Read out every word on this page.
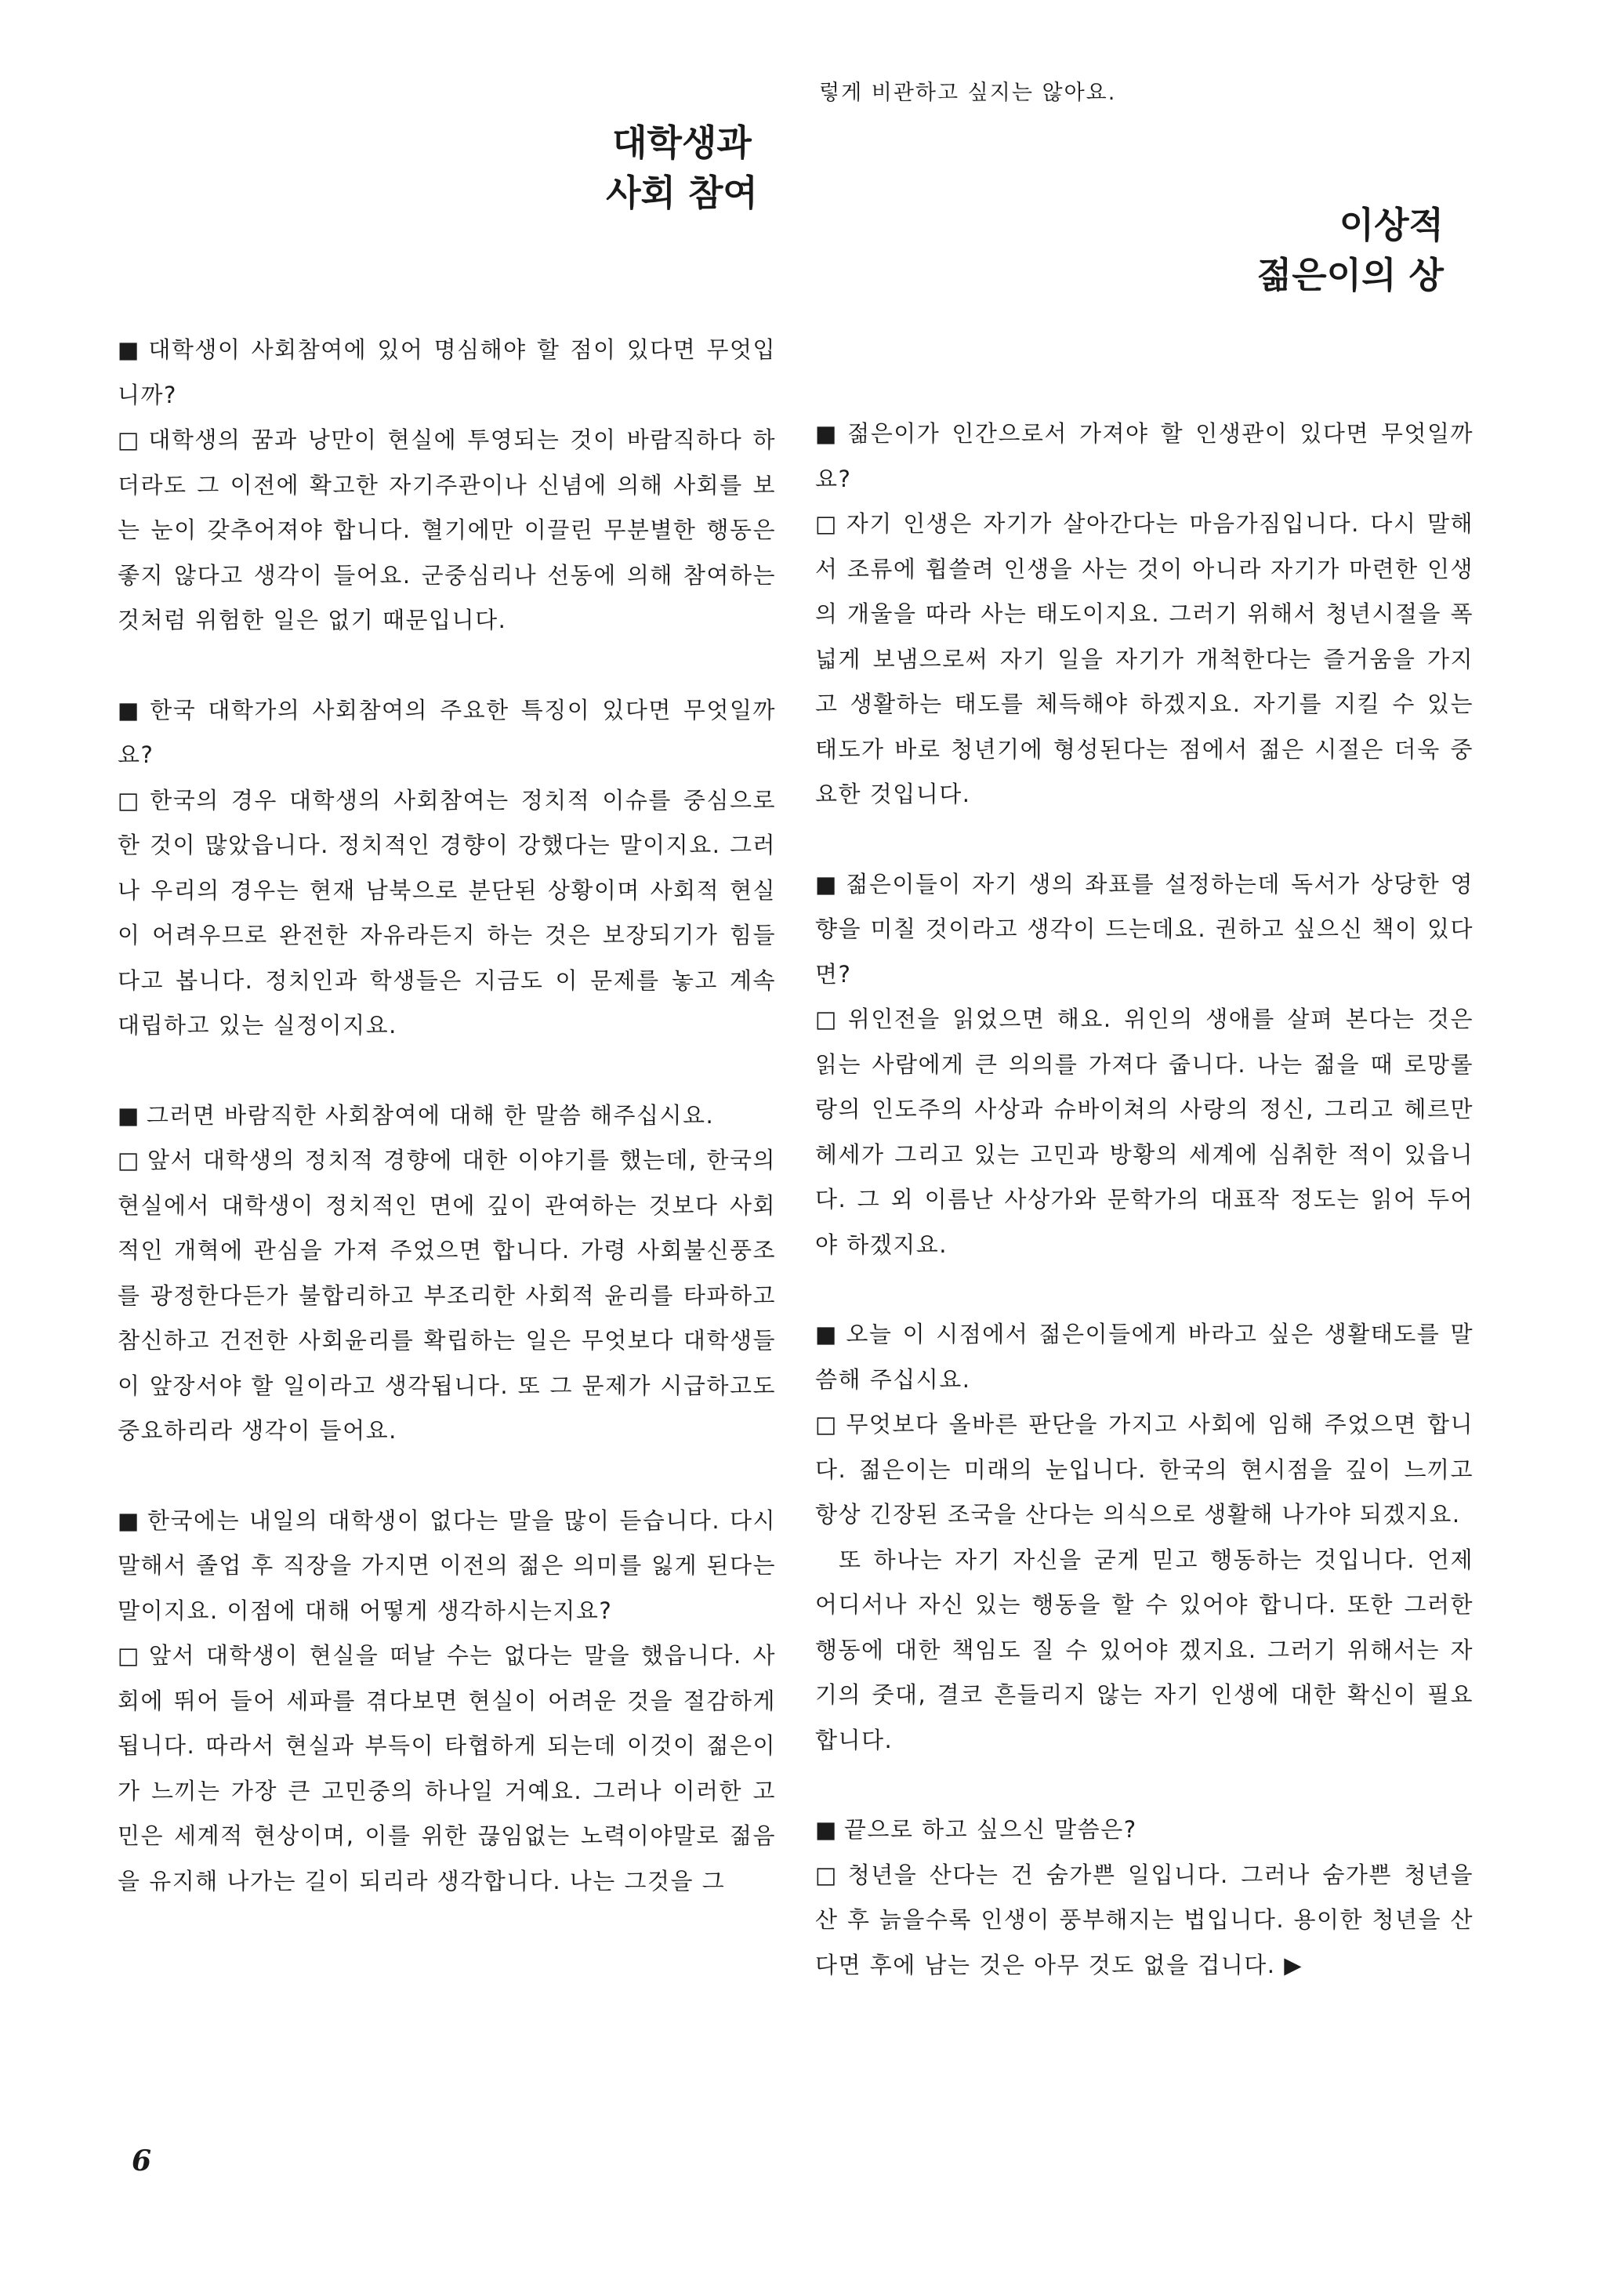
렇게 비관하고 싶지는 않아요.

대학생과
사회 참여
이상적
젊은이의 상

■ 대학생이 사회참여에 있어 명심해야 할 점이 있다면 무엇입니까?

□ 대학생의 꿈과 낭만이 현실에 투영되는 것이 바람직하다 하더라도 그 이전에 확고한 자기주관이나 신념에 의해 사회를 보는 눈이 갖추어져야 합니다. 혈기에만 이끌린 무분별한 행동은 좋지 않다고 생각이 들어요. 군중심리나 선동에 의해 참여하는 것처럼 위험한 일은 없기 때문입니다.

■ 한국 대학가의 사회참여의 주요한 특징이 있다면 무엇일까요?

□ 한국의 경우 대학생의 사회참여는 정치적 이슈를 중심으로 한 것이 많았읍니다. 정치적인 경향이 강했다는 말이지요. 그러나 우리의 경우는 현재 남북으로 분단된 상황이며 사회적 현실이 어려우므로 완전한 자유라든지 하는 것은 보장되기가 힘들다고 봅니다. 정치인과 학생들은 지금도 이 문제를 놓고 계속 대립하고 있는 실정이지요.

■ 그러면 바람직한 사회참여에 대해 한 말씀 해주십시요.

□ 앞서 대학생의 정치적 경향에 대한 이야기를 했는데, 한국의 현실에서 대학생이 정치적인 면에 깊이 관여하는 것보다 사회적인 개혁에 관심을 가져 주었으면 합니다. 가령 사회불신풍조를 광정한다든가 불합리하고 부조리한 사회적 윤리를 타파하고 참신하고 건전한 사회윤리를 확립하는 일은 무엇보다 대학생들이 앞장서야 할 일이라고 생각됩니다. 또 그 문제가 시급하고도 중요하리라 생각이 들어요.

■ 한국에는 내일의 대학생이 없다는 말을 많이 듣습니다. 다시 말해서 졸업 후 직장을 가지면 이전의 젊은 의미를 잃게 된다는 말이지요. 이점에 대해 어떻게 생각하시는지요?

□ 앞서 대학생이 현실을 떠날 수는 없다는 말을 했읍니다. 사회에 뛰어 들어 세파를 겪다보면 현실이 어려운 것을 절감하게 됩니다. 따라서 현실과 부득이 타협하게 되는데 이것이 젊은이가 느끼는 가장 큰 고민중의 하나일 거예요. 그러나 이러한 고민은 세계적 현상이며, 이를 위한 끊임없는 노력이야말로 젊음을 유지해 나가는 길이 되리라 생각합니다. 나는 그것을 그

■ 젊은이가 인간으로서 가져야 할 인생관이 있다면 무엇일까요?

□ 자기 인생은 자기가 살아간다는 마음가짐입니다. 다시 말해서 조류에 휩쓸려 인생을 사는 것이 아니라 자기가 마련한 인생의 개울을 따라 사는 태도이지요. 그러기 위해서 청년시절을 폭 넓게 보냄으로써 자기 일을 자기가 개척한다는 즐거움을 가지고 생활하는 태도를 체득해야 하겠지요. 자기를 지킬 수 있는 태도가 바로 청년기에 형성된다는 점에서 젊은 시절은 더욱 중요한 것입니다.

■ 젊은이들이 자기 생의 좌표를 설정하는데 독서가 상당한 영향을 미칠 것이라고 생각이 드는데요. 권하고 싶으신 책이 있다면?

□ 위인전을 읽었으면 해요. 위인의 생애를 살펴 본다는 것은 읽는 사람에게 큰 의의를 가져다 줍니다. 나는 젊을 때 로망롤랑의 인도주의 사상과 슈바이쳐의 사랑의 정신, 그리고 헤르만 헤세가 그리고 있는 고민과 방황의 세계에 심취한 적이 있읍니다. 그 외 이름난 사상가와 문학가의 대표작 정도는 읽어 두어야 하겠지요.

■ 오늘 이 시점에서 젊은이들에게 바라고 싶은 생활태도를 말씀해 주십시요.

□ 무엇보다 올바른 판단을 가지고 사회에 임해 주었으면 합니다. 젊은이는 미래의 눈입니다. 한국의 현시점을 깊이 느끼고 항상 긴장된 조국을 산다는 의식으로 생활해 나가야 되겠지요.

또 하나는 자기 자신을 굳게 믿고 행동하는 것입니다. 언제 어디서나 자신 있는 행동을 할 수 있어야 합니다. 또한 그러한 행동에 대한 책임도 질 수 있어야 겠지요. 그러기 위해서는 자기의 줏대, 결코 흔들리지 않는 자기 인생에 대한 확신이 필요합니다.

■ 끝으로 하고 싶으신 말씀은?

□ 청년을 산다는 건 숨가쁜 일입니다. 그러나 숨가쁜 청년을 산 후 늙을수록 인생이 풍부해지는 법입니다. 용이한 청년을 산다면 후에 남는 것은 아무 것도 없을 겁니다. ▶

6
